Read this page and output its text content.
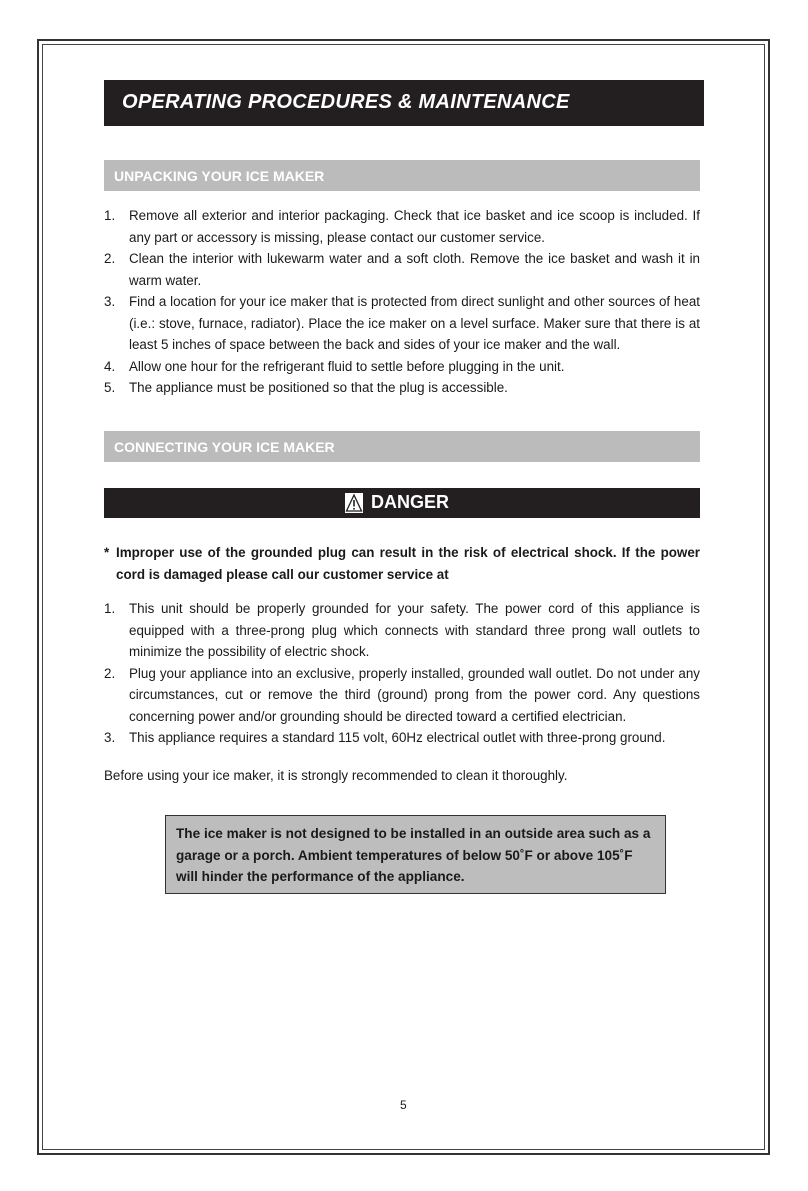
OPERATING PROCEDURES & MAINTENANCE
UNPACKING YOUR ICE MAKER
1. Remove all exterior and interior packaging. Check that ice basket and ice scoop is included. If any part or accessory is missing, please contact our customer service.
2. Clean the interior with lukewarm water and a soft cloth. Remove the ice basket and wash it in warm water.
3. Find a location for your ice maker that is protected from direct sunlight and other sources of heat (i.e.: stove, furnace, radiator). Place the ice maker on a level surface. Maker sure that there is at least 5 inches of space between the back and sides of your ice maker and the wall.
4. Allow one hour for the refrigerant fluid to settle before plugging in the unit.
5. The appliance must be positioned so that the plug is accessible.
CONNECTING YOUR ICE MAKER
DANGER
* Improper use of the grounded plug can result in the risk of electrical shock. If the power cord is damaged please call our customer service at
1. This unit should be properly grounded for your safety. The power cord of this appliance is equipped with a three-prong plug which connects with standard three prong wall outlets to minimize the possibility of electric shock.
2. Plug your appliance into an exclusive, properly installed, grounded wall outlet. Do not under any circumstances, cut or remove the third (ground) prong from the power cord. Any questions concerning power and/or grounding should be directed toward a certified electrician.
3. This appliance requires a standard 115 volt, 60Hz electrical outlet with three-prong ground.
Before using your ice maker, it is strongly recommended to clean it thoroughly.

The ice maker is not designed to be installed in an outside area such as a garage or a porch. Ambient temperatures of below 50˚F or above 105˚F will hinder the performance of the appliance.

5
